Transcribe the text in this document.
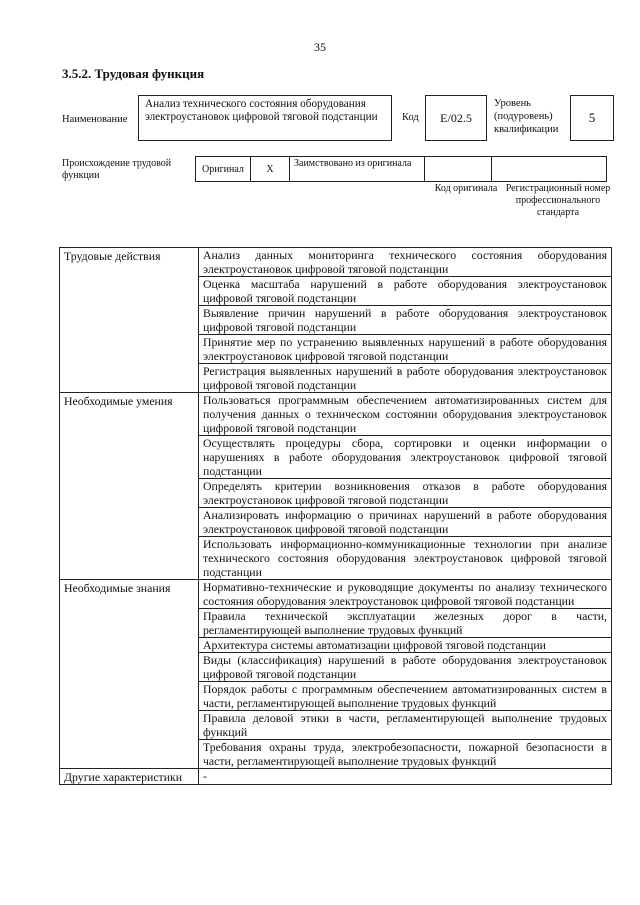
35
3.5.2. Трудовая функция
Наименование
Анализ технического состояния оборудования электроустановок цифровой тяговой подстанции	Код	E/02.5
Уровень (подуровень) квалификации
5
Происхождение трудовой функции
Оригинал	X	Заимствовано из оригинала
Код оригинала Регистрационный номер профессионального стандарта
Трудовые действия	Анализ данных мониторинга технического состояния оборудования электроустановок цифровой тяговой подстанции
	Оценка масштаба нарушений в работе оборудования электроустановок цифровой тяговой подстанции
	Выявление причин нарушений в работе оборудования электроустановок цифровой тяговой подстанции
	Принятие мер по устранению выявленных нарушений в работе оборудования электроустановок цифровой тяговой подстанции
	Регистрация выявленных нарушений в работе оборудования электроустановок цифровой тяговой подстанции
Необходимые умения	Пользоваться программным обеспечением автоматизированных систем для получения данных о техническом состоянии оборудования электроустановок цифровой тяговой подстанции
	Осуществлять процедуры сбора, сортировки и оценки информации о нарушениях в работе оборудования электроустановок цифровой тяговой подстанции
	Определять критерии возникновения отказов в работе оборудования электроустановок цифровой тяговой подстанции
	Анализировать информацию о причинах нарушений в работе оборудования электроустановок цифровой тяговой подстанции
	Использовать информационно-коммуникационные технологии при анализе технического состояния оборудования электроустановок цифровой тяговой подстанции
Необходимые знания	Нормативно-технические и руководящие документы по анализу технического состояния оборудования электроустановок цифровой тяговой подстанции
	Правила технической эксплуатации железных дорог в части, регламентирующей выполнение трудовых функций
	Архитектура системы автоматизации цифровой тяговой подстанции
	Виды (классификация) нарушений в работе оборудования электроустановок цифровой тяговой подстанции
	Порядок работы с программным обеспечением автоматизированных систем в части, регламентирующей выполнение трудовых функций
	Правила деловой этики в части, регламентирующей выполнение трудовых функций
	Требования охраны труда, электробезопасности, пожарной безопасности в части, регламентирующей выполнение трудовых функций
Другие характеристики	-
